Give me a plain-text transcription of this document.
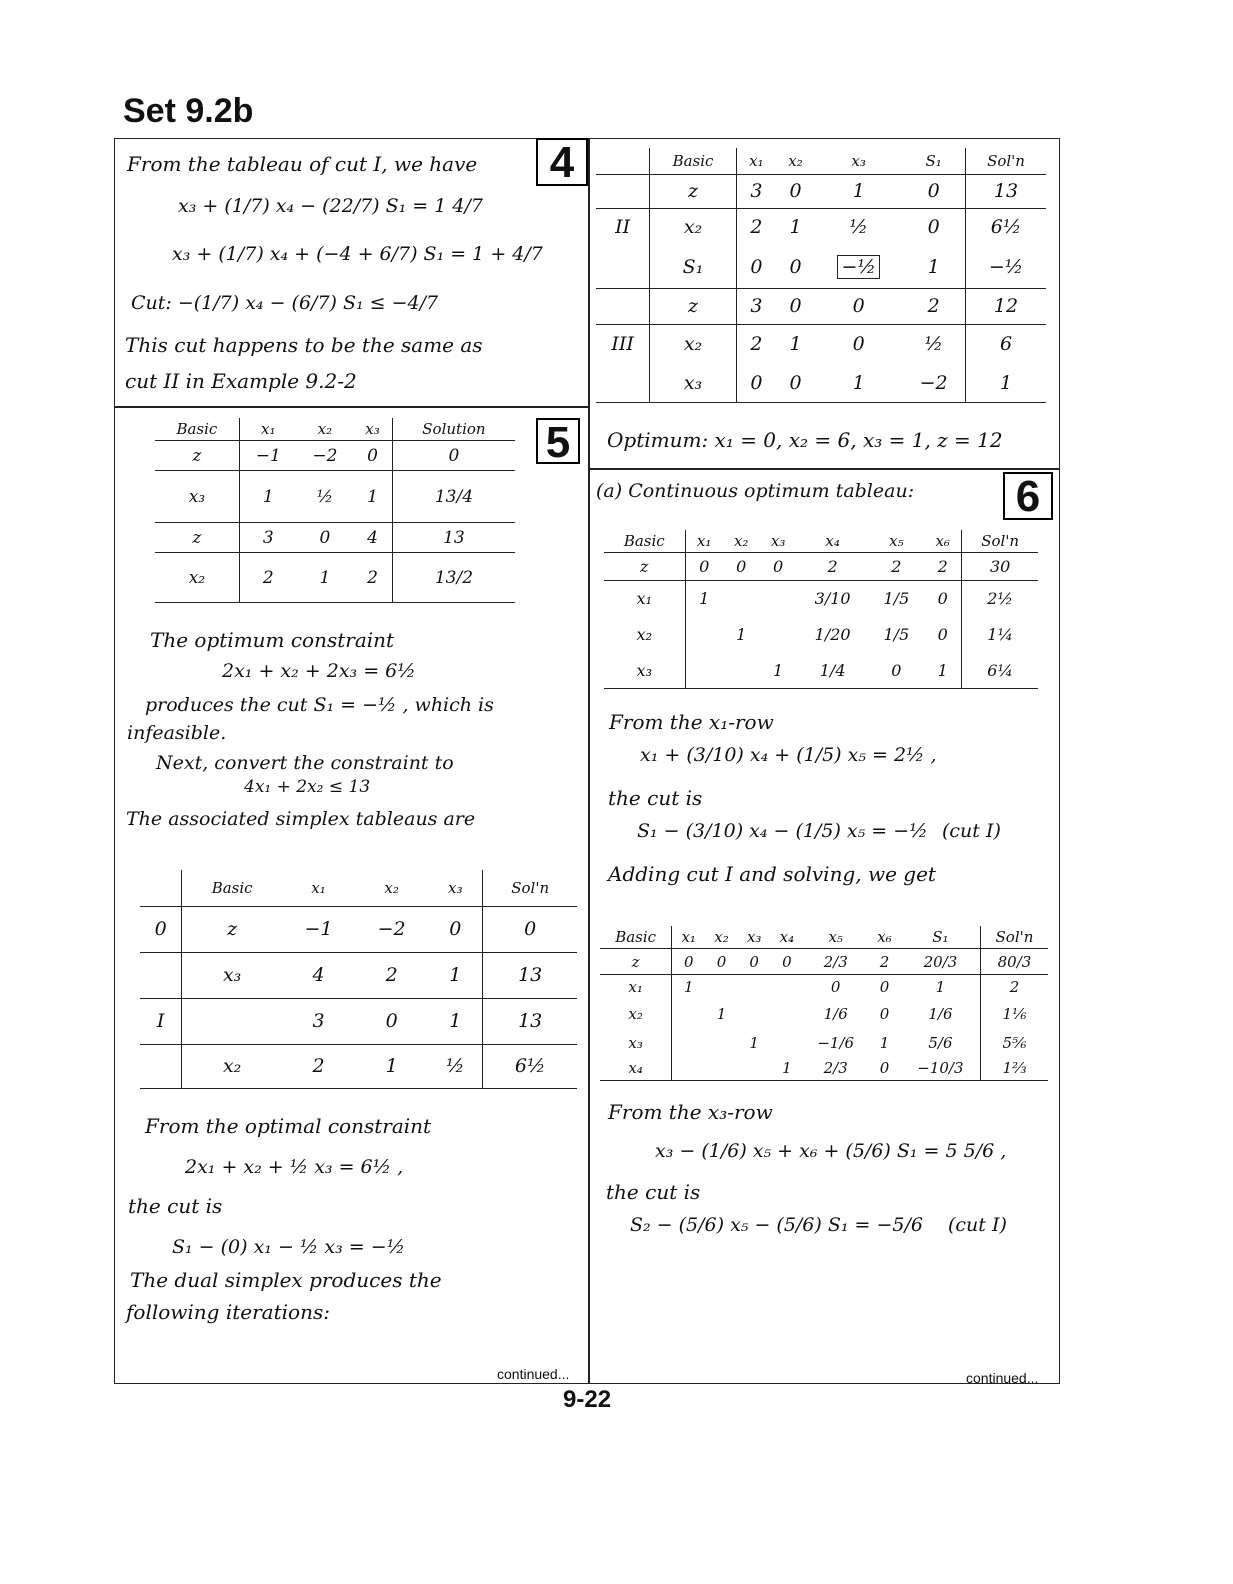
Set 9.2b
4
From the tableau of cut I, we have
x₃ + (1/7) x₄ − (22/7) S₁ = 1 4/7
x₃ + (1/7) x₄ + (−4 + 6/7) S₁ = 1 + 4/7
Cut: −(1/7) x₄ − (6/7) S₁ ≤ −4/7
This cut happens to be the same as
cut II in Example 9.2-2
5
Basic	x₁	x₂	x₃	Solution
z	−1	−2	0	0
x₃	1	½	1	13/4
z	3	0	4	13
x₂	2	1	2	13/2
The optimum constraint
2x₁ + x₂ + 2x₃ = 6½
produces the cut S₁ = −½ , which is
infeasible.
Next, convert the constraint to
4x₁ + 2x₂ ≤ 13
The associated simplex tableaus are
	Basic	x₁	x₂	x₃	Sol'n
0	z	−1	−2	0	0
	x₃	4	2	1	13
I		3	0	1	13
	x₂	2	1	½	6½
From the optimal constraint
2x₁ + x₂ + ½ x₃ = 6½ ,
the cut is
S₁ − (0) x₁ − ½ x₃ = −½
The dual simplex produces the
following iterations:
continued...
	Basic	x₁	x₂	x₃	S₁	Sol'n
	z	3	0	1	0	13
II	x₂	2	1	½	0	6½
	S₁	0	0	−½	1	−½
	z	3	0	0	2	12
III	x₂	2	1	0	½	6
	x₃	0	0	1	−2	1
Optimum: x₁ = 0, x₂ = 6, x₃ = 1, z = 12
6
(a) Continuous optimum tableau:
Basic	x₁	x₂	x₃	x₄	x₅	x₆	Sol'n
z	0	0	0	2	2	2	30
x₁	1			3/10	1/5	0	2½
x₂		1		1/20	1/5	0	1¼
x₃			1	1/4	0	1	6¼
From the x₁-row
x₁ + (3/10) x₄ + (1/5) x₅ = 2½ ,
the cut is
S₁ − (3/10) x₄ − (1/5) x₅ = −½ (cut I)
Adding cut I and solving, we get
Basic	x₁	x₂	x₃	x₄	x₅	x₆	S₁	Sol'n
z	0	0	0	0	2/3	2	20/3	80/3
x₁	1				0	0	1	2
x₂		1			1/6	0	1/6	1⅙
x₃			1		−1/6	1	5/6	5⅚
x₄				1	2/3	0	−10/3	1⅔
From the x₃-row
x₃ − (1/6) x₅ + x₆ + (5/6) S₁ = 5 5/6 ,
the cut is
S₂ − (5/6) x₅ − (5/6) S₁ = −5/6 (cut I)
continued...
9-22
